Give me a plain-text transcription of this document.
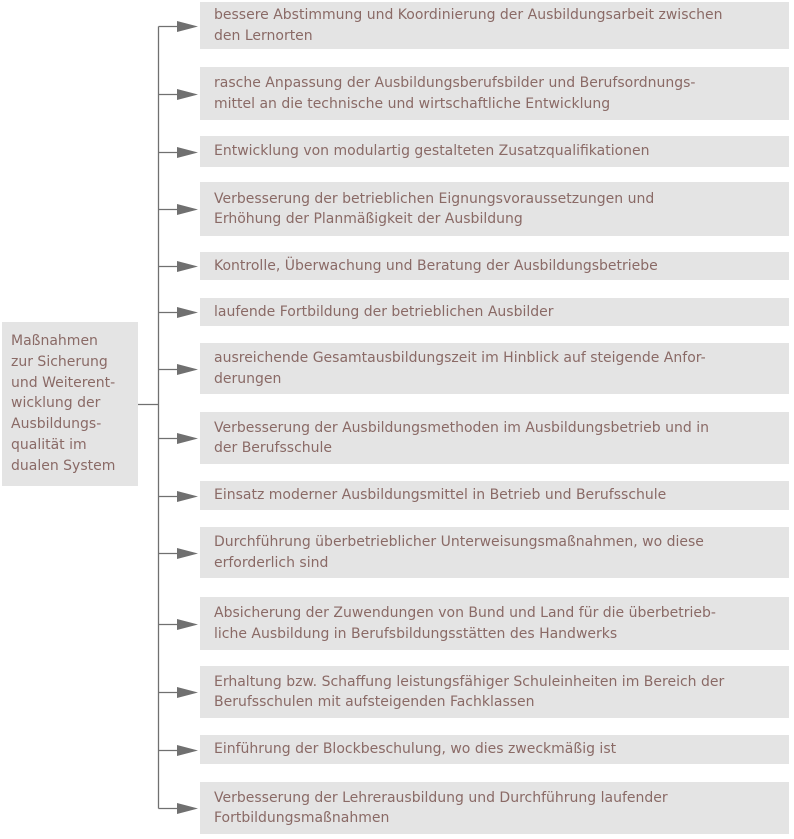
Maßnahmen
zur Sicherung
und Weiterent-
wicklung der
Ausbildungs-
qualität im
dualen System
bessere Abstimmung und Koordinierung der Ausbildungsarbeit zwischen
den Lernorten
rasche Anpassung der Ausbildungsberufsbilder und Berufsordnungs-
mittel an die technische und wirtschaftliche Entwicklung
Entwicklung von modulartig gestalteten Zusatzqualifikationen
Verbesserung der betrieblichen Eignungsvoraussetzungen und
Erhöhung der Planmäßigkeit der Ausbildung
Kontrolle, Überwachung und Beratung der Ausbildungsbetriebe
laufende Fortbildung der betrieblichen Ausbilder
ausreichende Gesamtausbildungszeit im Hinblick auf steigende Anfor-
derungen
Verbesserung der Ausbildungsmethoden im Ausbildungsbetrieb und in
der Berufsschule
Einsatz moderner Ausbildungsmittel in Betrieb und Berufsschule
Durchführung überbetrieblicher Unterweisungsmaßnahmen, wo diese
erforderlich sind
Absicherung der Zuwendungen von Bund und Land für die überbetrieb-
liche Ausbildung in Berufsbildungsstätten des Handwerks
Erhaltung bzw. Schaffung leistungsfähiger Schuleinheiten im Bereich der
Berufsschulen mit aufsteigenden Fachklassen
Einführung der Blockbeschulung, wo dies zweckmäßig ist
Verbesserung der Lehrerausbildung und Durchführung laufender
Fortbildungsmaßnahmen
